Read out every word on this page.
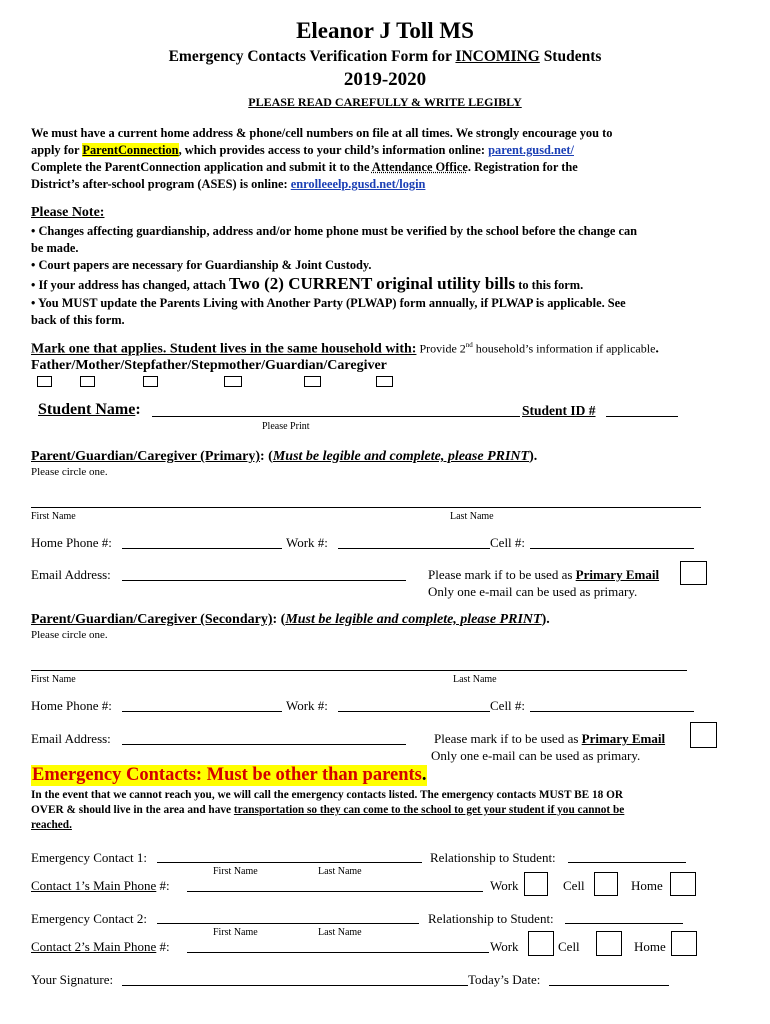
Eleanor J Toll MS
Emergency Contacts Verification Form for INCOMING Students
2019-2020
PLEASE READ CAREFULLY & WRITE LEGIBLY
We must have a current home address & phone/cell numbers on file at all times. We strongly encourage you to
apply for ParentConnection, which provides access to your child’s information online: parent.gusd.net/
Complete the ParentConnection application and submit it to the Attendance Office. Registration for the
District’s after-school program (ASES) is online: enrolleeelp.gusd.net/login
Please Note:
• Changes affecting guardianship, address and/or home phone must be verified by the school before the change can
be made.
• Court papers are necessary for Guardianship & Joint Custody.
• If your address has changed, attach Two (2) CURRENT original utility bills to this form.
• You MUST update the Parents Living with Another Party (PLWAP) form annually, if PLWAP is applicable. See
back of this form.
Mark one that applies. Student lives in the same household with: Provide 2nd household’s information if applicable.
Father/Mother/Stepfather/Stepmother/Guardian/Caregiver
Student Name:	Student ID #
Please Print
Parent/Guardian/Caregiver (Primary): (Must be legible and complete, please PRINT).
Please circle one.
First Name	Last Name
Home Phone #:	Work #:	Cell #:
Email Address:	Please mark if to be used as Primary Email
Only one e-mail can be used as primary.
Parent/Guardian/Caregiver (Secondary): (Must be legible and complete, please PRINT).
Please circle one.
First Name	Last Name
Home Phone #:	Work #:	Cell #:
Email Address:	Please mark if to be used as Primary Email
Only one e-mail can be used as primary.
Emergency Contacts: Must be other than parents.
In the event that we cannot reach you, we will call the emergency contacts listed. The emergency contacts MUST BE 18 OR
OVER & should live in the area and have transportation so they can come to the school to get your student if you cannot be
reached.
Emergency Contact 1:	Relationship to Student:
First Name	Last Name
Contact 1’s Main Phone #:	Work	Cell	Home
Emergency Contact 2:	Relationship to Student:
First Name	Last Name
Contact 2’s Main Phone #:	Work	Cell	Home
Your Signature:	Today’s Date:
